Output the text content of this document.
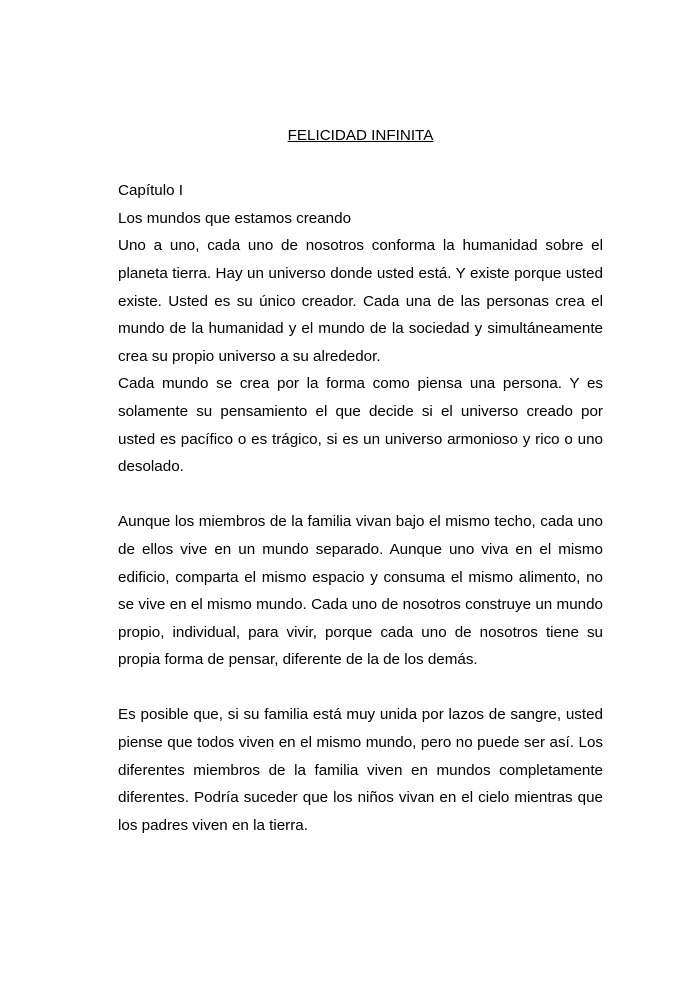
FELICIDAD INFINITA

Capítulo I

Los mundos que estamos creando

Uno a uno, cada uno de nosotros conforma la humanidad sobre el planeta tierra. Hay un universo donde usted está. Y existe porque usted existe. Usted es su único creador. Cada una de las personas crea el mundo de la humanidad y el mundo de la sociedad y simultáneamente crea su propio universo a su alrededor.

Cada mundo se crea por la forma como piensa una persona. Y es solamente su pensamiento el que decide si el universo creado por usted es pacífico o es trágico, si es un universo armonioso y rico o uno desolado.

Aunque los miembros de la familia vivan bajo el mismo techo, cada uno de ellos vive en un mundo separado. Aunque uno viva en el mismo edificio, comparta el mismo espacio y consuma el mismo alimento, no se vive en el mismo mundo. Cada uno de nosotros construye un mundo propio, individual, para vivir, porque cada uno de nosotros tiene su propia forma de pensar, diferente de la de los demás.

Es posible que, si su familia está muy unida por lazos de sangre, usted piense que todos viven en el mismo mundo, pero no puede ser así. Los diferentes miembros de la familia viven en mundos completamente diferentes. Podría suceder que los niños vivan en el cielo mientras que los padres viven en la tierra.
